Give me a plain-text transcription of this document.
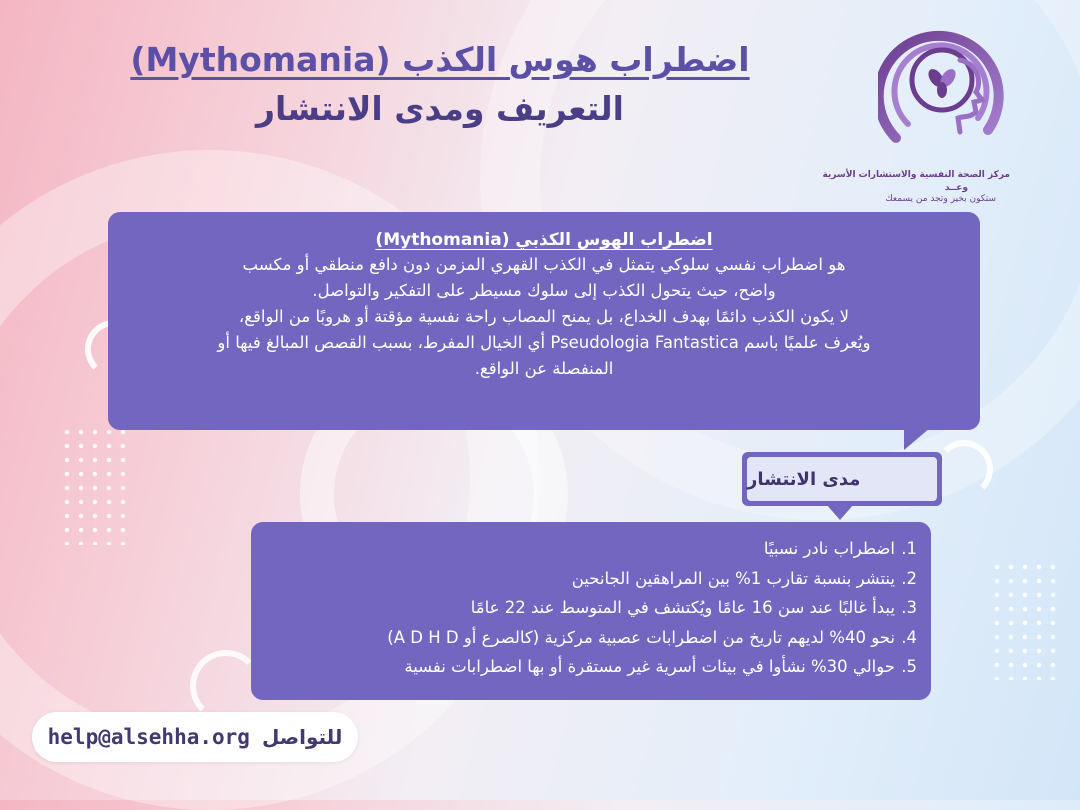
اضطراب هوس الكذب (Mythomania)
التعريف ومدى الانتشار
مركز الصحة النفسية والاستشارات الأسرية
وعــد
ستكون بخير وتجد من يسمعك
اضطراب الهوس الكذبي (Mythomania)
هو اضطراب نفسي سلوكي يتمثل في الكذب القهري المزمن دون دافع منطقي أو مكسب
واضح، حيث يتحول الكذب إلى سلوك مسيطر على التفكير والتواصل.
لا يكون الكذب دائمًا بهدف الخداع، بل يمنح المصاب راحة نفسية مؤقتة أو هروبًا من الواقع،
ويُعرف علميًا باسم Pseudologia Fantastica أي الخيال المفرط، بسبب القصص المبالغ فيها أو
المنفصلة عن الواقع.
مدى الانتشار
1.اضطراب نادر نسبيًا
2.ينتشر بنسبة تقارب 1% بين المراهقين الجانحين
3.يبدأ غالبًا عند سن 16 عامًا ويُكتشف في المتوسط عند 22 عامًا
4.نحو 40% لديهم تاريخ من اضطرابات عصبية مركزية (كالصرع أو A D H D)
5.حوالي 30% نشأوا في بيئات أسرية غير مستقرة أو بها اضطرابات نفسية
help@alsehha.org للتواصل
